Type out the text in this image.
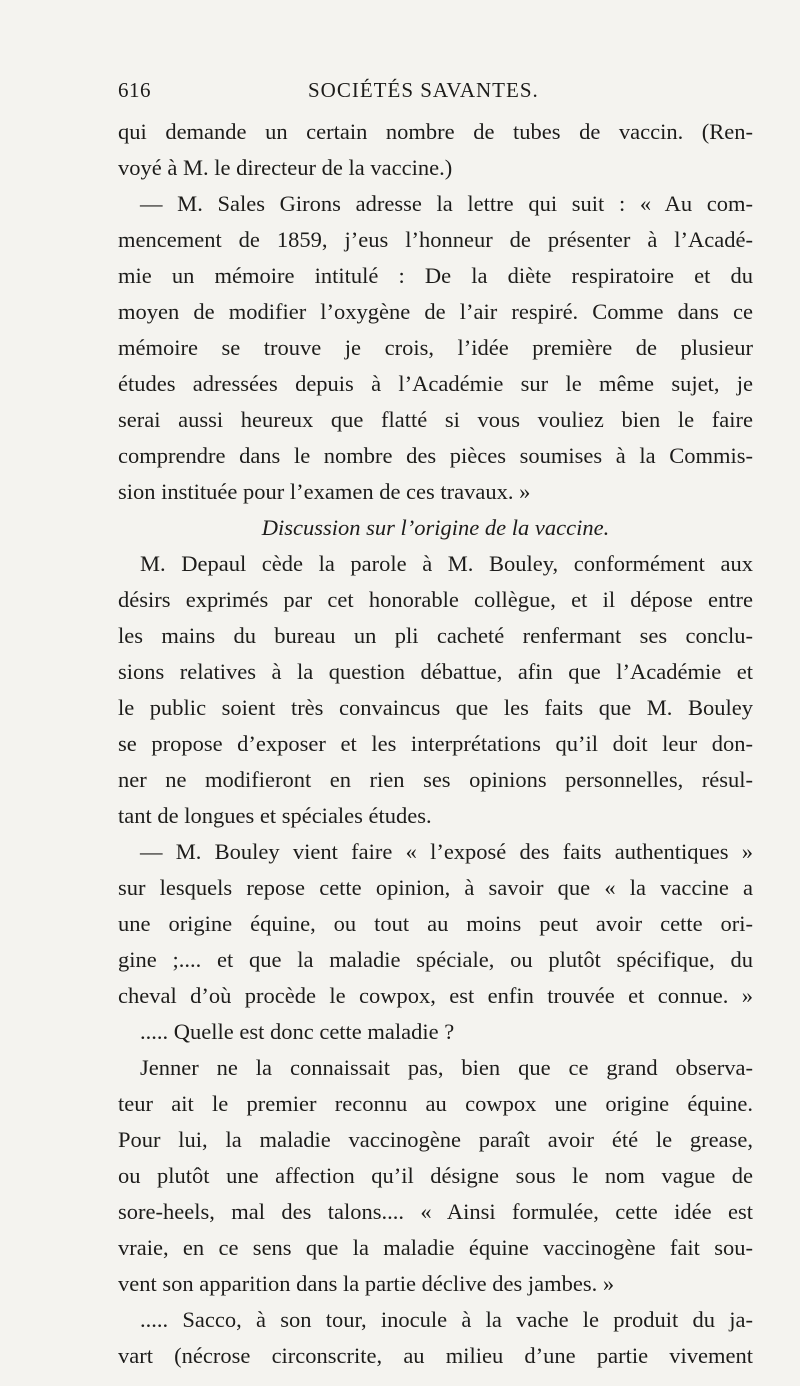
616	SOCIÉTÉS SAVANTES.
qui demande un certain nombre de tubes de vaccin. (Ren-
voyé à M. le directeur de la vaccine.)
— M. Sales Girons adresse la lettre qui suit : « Au com-
mencement de 1859, j’eus l’honneur de présenter à l’Acadé-
mie un mémoire intitulé : De la diète respiratoire et du
moyen de modifier l’oxygène de l’air respiré. Comme dans ce
mémoire se trouve je crois, l’idée première de plusieur
études adressées depuis à l’Académie sur le même sujet, je
serai aussi heureux que flatté si vous vouliez bien le faire
comprendre dans le nombre des pièces soumises à la Commis-
sion instituée pour l’examen de ces travaux. »
Discussion sur l’origine de la vaccine.
M. Depaul cède la parole à M. Bouley, conformément aux
désirs exprimés par cet honorable collègue, et il dépose entre
les mains du bureau un pli cacheté renfermant ses conclu-
sions relatives à la question débattue, afin que l’Académie et
le public soient très convaincus que les faits que M. Bouley
se propose d’exposer et les interprétations qu’il doit leur don-
ner ne modifieront en rien ses opinions personnelles, résul-
tant de longues et spéciales études.
— M. Bouley vient faire « l’exposé des faits authentiques »
sur lesquels repose cette opinion, à savoir que « la vaccine a
une origine équine, ou tout au moins peut avoir cette ori-
gine ;.... et que la maladie spéciale, ou plutôt spécifique, du
cheval d’où procède le cowpox, est enfin trouvée et connue. »
..... Quelle est donc cette maladie ?
Jenner ne la connaissait pas, bien que ce grand observa-
teur ait le premier reconnu au cowpox une origine équine.
Pour lui, la maladie vaccinogène paraît avoir été le grease,
ou plutôt une affection qu’il désigne sous le nom vague de
sore-heels, mal des talons.... « Ainsi formulée, cette idée est
vraie, en ce sens que la maladie équine vaccinogène fait sou-
vent son apparition dans la partie déclive des jambes. »
..... Sacco, à son tour, inocule à la vache le produit du ja-
vart (nécrose circonscrite, au milieu d’une partie vivement
